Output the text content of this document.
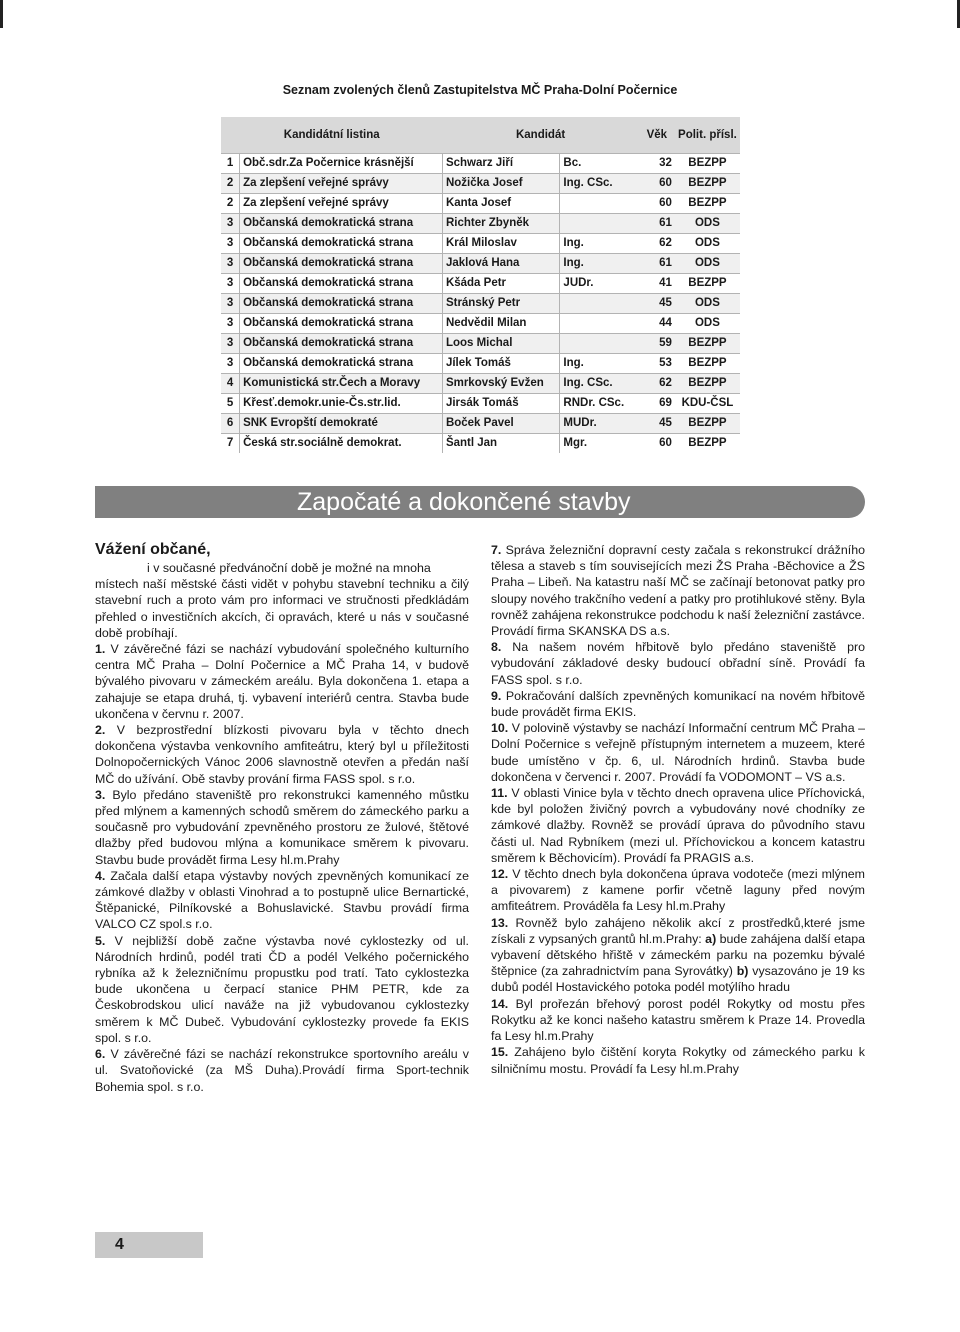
Seznam zvolených členů Zastupitelstva MČ Praha-Dolní Počernice
Kandidátní listina		Kandidát		Věk	Polit. přísl.
1	Obč.sdr.Za Počernice krásnější	Schwarz Jiří	Bc.	32	BEZPP
2	Za zlepšení veřejné správy	Nožička Josef	Ing. CSc.	60	BEZPP
2	Za zlepšení veřejné správy	Kanta Josef		60	BEZPP
3	Občanská demokratická strana	Richter Zbyněk		61	ODS
3	Občanská demokratická strana	Král Miloslav	Ing.	62	ODS
3	Občanská demokratická strana	Jaklová Hana	Ing.	61	ODS
3	Občanská demokratická strana	Kšáda Petr	JUDr.	41	BEZPP
3	Občanská demokratická strana	Stránský Petr		45	ODS
3	Občanská demokratická strana	Nedvědil Milan		44	ODS
3	Občanská demokratická strana	Loos Michal		59	BEZPP
3	Občanská demokratická strana	Jílek Tomáš	Ing.	53	BEZPP
4	Komunistická str.Čech a Moravy	Smrkovský Evžen	Ing. CSc.	62	BEZPP
5	Křesť.demokr.unie-Čs.str.lid.	Jirsák Tomáš	RNDr. CSc.	69	KDU-ČSL
6	SNK Evropští demokraté	Boček Pavel	MUDr.	45	BEZPP
7	Česká str.sociálně demokrat.	Šantl Jan	Mgr.	60	BEZPP
Započaté a dokončené stavby

Vážení občané,

i v současné předvánoční době je možné na mnoha

místech naší městské části vidět v pohybu stavební techniku a čilý stavební ruch a proto vám pro informaci ve stručnosti předkládám přehled o investičních akcích, či opravách, které u nás v současné době probíhají.

1. V závěrečné fázi se nachází vybudování společného kulturního centra MČ Praha – Dolní Počernice a MČ Praha 14, v budově bývalého pivovaru v zámeckém areálu. Byla dokončena 1. etapa a zahajuje se etapa druhá, tj. vybavení interiérů centra. Stavba bude ukončena v červnu r. 2007.

2. V bezprostřední blízkosti pivovaru byla v těchto dnech dokončena výstavba venkovního amfiteátru, který byl u příležitosti Dolnopočernických Vánoc 2006 slavnostně otevřen a předán naší MČ do užívání. Obě stavby prování firma FASS spol. s r.o.

3. Bylo předáno staveniště pro rekonstrukci kamenného můstku před mlýnem a kamenných schodů směrem do zámeckého parku a současně pro vybudování zpevněného prostoru ze žulové, štětové dlažby před budovou mlýna a komunikace směrem k pivovaru. Stavbu bude provádět firma Lesy hl.m.Prahy

4. Začala další etapa výstavby nových zpevněných komunikací ze zámkové dlažby v oblasti Vinohrad a to postupně ulice Bernartické, Štěpanické, Pilníkovské a Bohuslavické. Stavbu provádí firma VALCO CZ spol.s r.o.

5. V nejbližší době začne výstavba nové cyklostezky od ul. Národních hrdinů, podél trati ČD a podél Velkého počernického rybníka až k železničnímu propustku pod tratí. Tato cyklostezka bude ukončena u čerpací stanice PHM PETR, kde za Českobrodskou ulicí naváže na již vybudovanou cyklostezky směrem k MČ Dubeč. Vybudování cyklostezky provede fa EKIS spol. s r.o.

6. V závěrečné fázi se nachází rekonstrukce sportovního areálu v ul. Svatoňovické (za MŠ Duha).Provádí firma Sport-technik Bohemia spol. s r.o.

7. Správa železniční dopravní cesty začala s rekonstrukcí drážního tělesa a staveb s tím souvisejících mezi ŽS Praha -Běchovice a ŽS Praha – Libeň. Na katastru naší MČ se začínají betonovat patky pro sloupy nového trakčního vedení a patky pro protihlukové stěny. Byla rovněž zahájena rekonstrukce podchodu k naší železniční zastávce. Provádí firma SKANSKA DS a.s.

8. Na našem novém hřbitově bylo předáno staveniště pro vybudování základové desky budoucí obřadní síně. Provádí fa FASS spol. s r.o.

9. Pokračování dalších zpevněných komunikací na novém hřbitově bude provádět firma EKIS.

10. V polovině výstavby se nachází Informační centrum MČ Praha – Dolní Počernice s veřejně přístupným internetem a muzeem, které bude umístěno v čp. 6, ul. Národních hrdinů. Stavba bude dokončena v červenci r. 2007. Provádí fa VODOMONT – VS a.s.

11. V oblasti Vinice byla v těchto dnech opravena ulice Příchovická, kde byl položen živičný povrch a vybudovány nové chodníky ze zámkové dlažby. Rovněž se provádí úprava do původního stavu části ul. Nad Rybníkem (mezi ul. Příchovickou a koncem katastru směrem k Běchovicím). Provádí fa PRAGIS a.s.

12. V těchto dnech byla dokončena úprava vodoteče (mezi mlýnem a pivovarem) z kamene porfir včetně laguny před novým amfiteátrem. Prováděla fa Lesy hl.m.Prahy

13. Rovněž bylo zahájeno několik akcí z prostředků,které jsme získali z vypsaných grantů hl.m.Prahy: a) bude zahájena další etapa vybavení dětského hřiště v zámeckém parku na pozemku bývalé štěpnice (za zahradnictvím pana Syrovátky) b) vysazováno je 19 ks dubů podél Hostavického potoka podél motýlího hradu

14. Byl prořezán břehový porost podél Rokytky od mostu přes Rokytku až ke konci našeho katastru směrem k Praze 14. Provedla fa Lesy hl.m.Prahy

15. Zahájeno bylo čištění koryta Rokytky od zámeckého parku k silničnímu mostu. Provádí fa Lesy hl.m.Prahy

4
